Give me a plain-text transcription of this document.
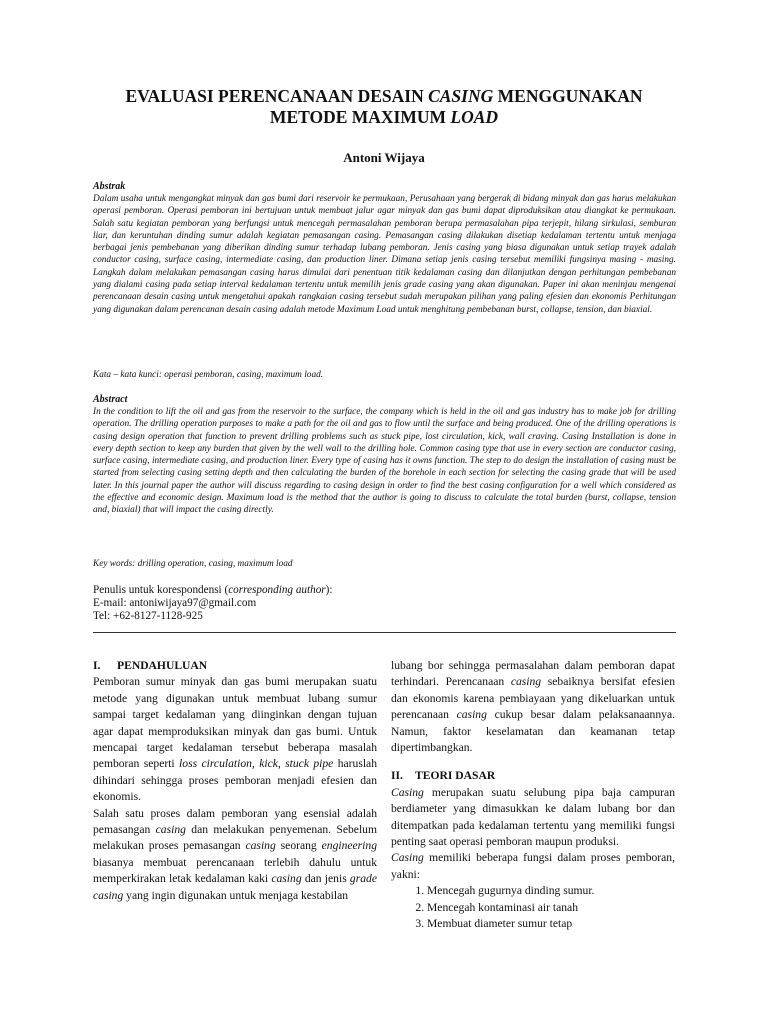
EVALUASI PERENCANAAN DESAIN CASING MENGGUNAKAN
METODE MAXIMUM LOAD
Antoni Wijaya
Abstrak
Dalam usaha untuk mengangkat minyak dan gas bumi dari reservoir ke permukaan, Perusahaan yang bergerak di bidang minyak dan gas harus melakukan operasi pemboran. Operasi pemboran ini bertujuan untuk membuat jalur agar minyak dan gas bumi dapat diproduksikan atau diangkat ke permukaan. Salah satu kegiatan pemboran yang berfungsi untuk mencegah permasalahan pemboran berupa permasalahan pipa terjepit, hilang sirkulasi, semburan liar, dan keruntuhan dinding sumur adalah kegiatan pemasangan casing. Pemasangan casing dilakukan disetiap kedalaman tertentu untuk menjaga berbagai jenis pembebanan yang diberikan dinding sumur terhadap lubang pemboran. Jenis casing yang biasa digunakan untuk setiap trayek adalah conductor casing, surface casing, intermediate casing, dan production liner. Dimana setiap jenis casing tersebut memiliki fungsinya masing - masing. Langkah dalam melakukan pemasangan casing harus dimulai dari penentuan titik kedalaman casing dan dilanjutkan dengan perhitungan pembebanan yang dialami casing pada setiap interval kedalaman tertentu untuk memilih jenis grade casing yang akan digunakan. Paper ini akan meninjau mengenai perencanaan desain casing untuk mengetahui apakah rangkaian casing tersebut sudah merupakan pilihan yang paling efesien dan ekonomis Perhitungan yang digunakan dalam perencanan desain casing adalah metode Maximum Load untuk menghitung pembebanan burst, collapse, tension, dan biaxial.
Kata – kata kunci: operasi pemboran, casing, maximum load.
Abstract
In the condition to lift the oil and gas from the reservoir to the surface, the company which is held in the oil and gas industry has to make job for drilling operation. The drilling operation purposes to make a path for the oil and gas to flow until the surface and being produced. One of the drilling operations is casing design operation that function to prevent drilling problems such as stuck pipe, lost circulation, kick, wall craving. Casing Installation is done in every depth section to keep any burden that given by the well wall to the drilling hole. Common casing type that use in every section are conductor casing, surface casing, intermediate casing, and production liner. Every type of casing has it owns function. The step to do design the installation of casing must be started from selecting casing setting depth and then calculating the burden of the borehole in each section for selecting the casing grade that will be used later. In this journal paper the author will discuss regarding to casing design in order to find the best casing configuration for a well which considered as the effective and economic design. Maximum load is the method that the author is going to discuss to calculate the total burden (burst, collapse, tension and, biaxial) that will impact the casing directly.
Key words: drilling operation, casing, maximum load
Penulis untuk korespondensi (corresponding author):
E-mail: antoniwijaya97@gmail.com
Tel: +62-8127-1128-925
I. PENDAHULUAN

Pemboran sumur minyak dan gas bumi merupakan suatu metode yang digunakan untuk membuat lubang sumur sampai target kedalaman yang diinginkan dengan tujuan agar dapat memproduksikan minyak dan gas bumi. Untuk mencapai target kedalaman tersebut beberapa masalah pemboran seperti loss circulation, kick, stuck pipe haruslah dihindari sehingga proses pemboran menjadi efesien dan ekonomis.

Salah satu proses dalam pemboran yang esensial adalah pemasangan casing dan melakukan penyemenan. Sebelum melakukan proses pemasangan casing seorang engineering biasanya membuat perencanaan terlebih dahulu untuk memperkirakan letak kedalaman kaki casing dan jenis grade casing yang ingin digunakan untuk menjaga kestabilan

lubang bor sehingga permasalahan dalam pemboran dapat terhindari. Perencanaan casing sebaiknya bersifat efesien dan ekonomis karena pembiayaan yang dikeluarkan untuk perencanaan casing cukup besar dalam pelaksanaannya. Namun, faktor keselamatan dan keamanan tetap dipertimbangkan.

II. TEORI DASAR

Casing merupakan suatu selubung pipa baja campuran berdiameter yang dimasukkan ke dalam lubang bor dan ditempatkan pada kedalaman tertentu yang memiliki fungsi penting saat operasi pemboran maupun produksi.

Casing memiliki beberapa fungsi dalam proses pemboran, yakni:

1. Mencegah gugurnya dinding sumur.
2. Mencegah kontaminasi air tanah
3. Membuat diameter sumur tetap
